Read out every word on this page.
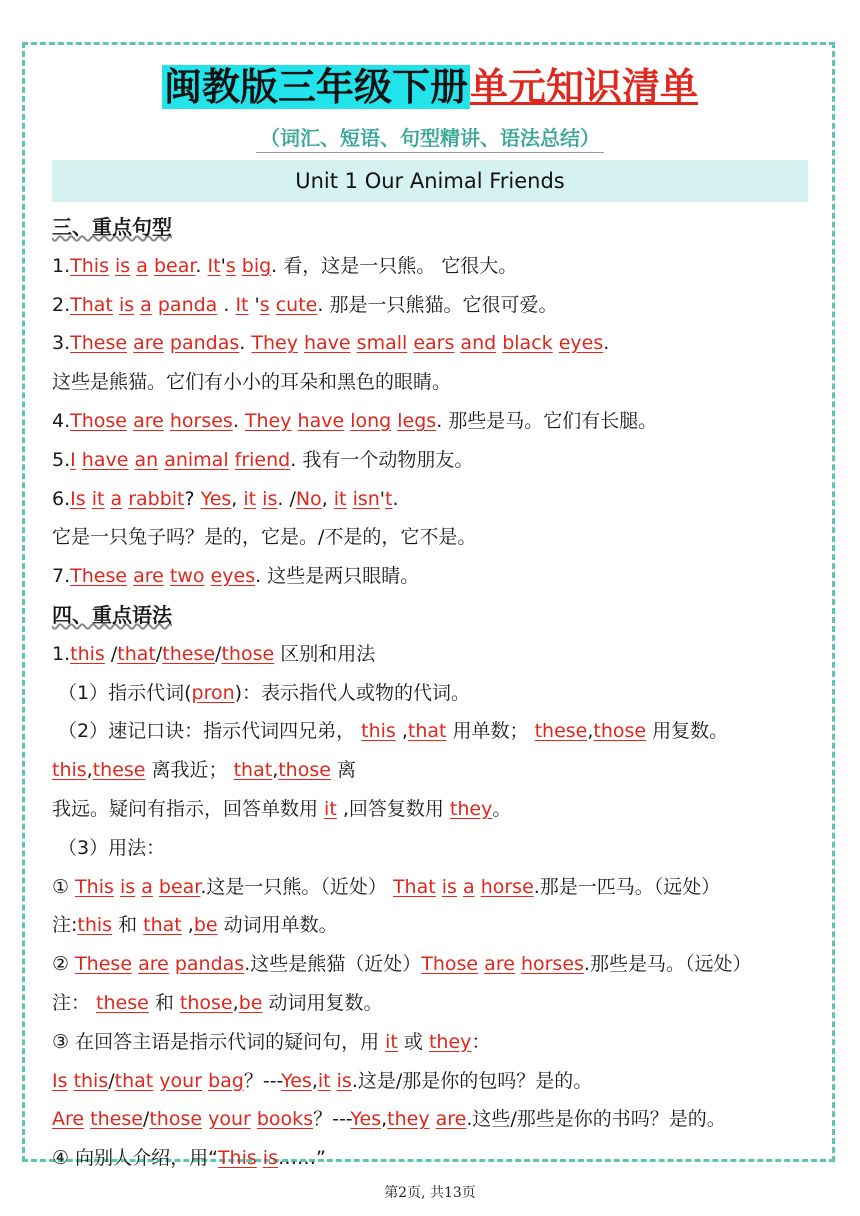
闽教版三年级下册单元知识清单
（词汇、短语、句型精讲、语法总结）
Unit 1 Our Animal Friends
三、重点句型
1.This is a bear. It's big. 看，这是一只熊。 它很大。
2.That is a panda . It 's cute. 那是一只熊猫。它很可爱。
3.These are pandas. They have small ears and black eyes.
这些是熊猫。它们有小小的耳朵和黑色的眼睛。
4.Those are horses. They have long legs. 那些是马。它们有长腿。
5.I have an animal friend. 我有一个动物朋友。
6.Is it a rabbit? Yes, it is. /No, it isn't.
它是一只兔子吗？是的，它是。/不是的，它不是。
7.These are two eyes. 这些是两只眼睛。
四、重点语法
1.this /that/these/those 区别和用法
（1）指示代词(pron)：表示指代人或物的代词。
（2）速记口诀：指示代词四兄弟， this ,that 用单数； these,those 用复数。
this,these 离我近； that,those 离
我远。疑问有指示，回答单数用 it ,回答复数用 they。
（3）用法：
① This is a bear.这是一只熊。（近处） That is a horse.那是一匹马。（远处）
注:this 和 that ,be 动词用单数。
② These are pandas.这些是熊猫（近处）Those are horses.那些是马。（远处）
注： these 和 those,be 动词用复数。
③ 在回答主语是指示代词的疑问句，用 it 或 they：
Is this/that your bag？---Yes,it is.这是/那是你的包吗？是的。
Are these/those your books？---Yes,they are.这些/那些是你的书吗？是的。
④ 向别人介绍，用“This is……”
第2页, 共13页
